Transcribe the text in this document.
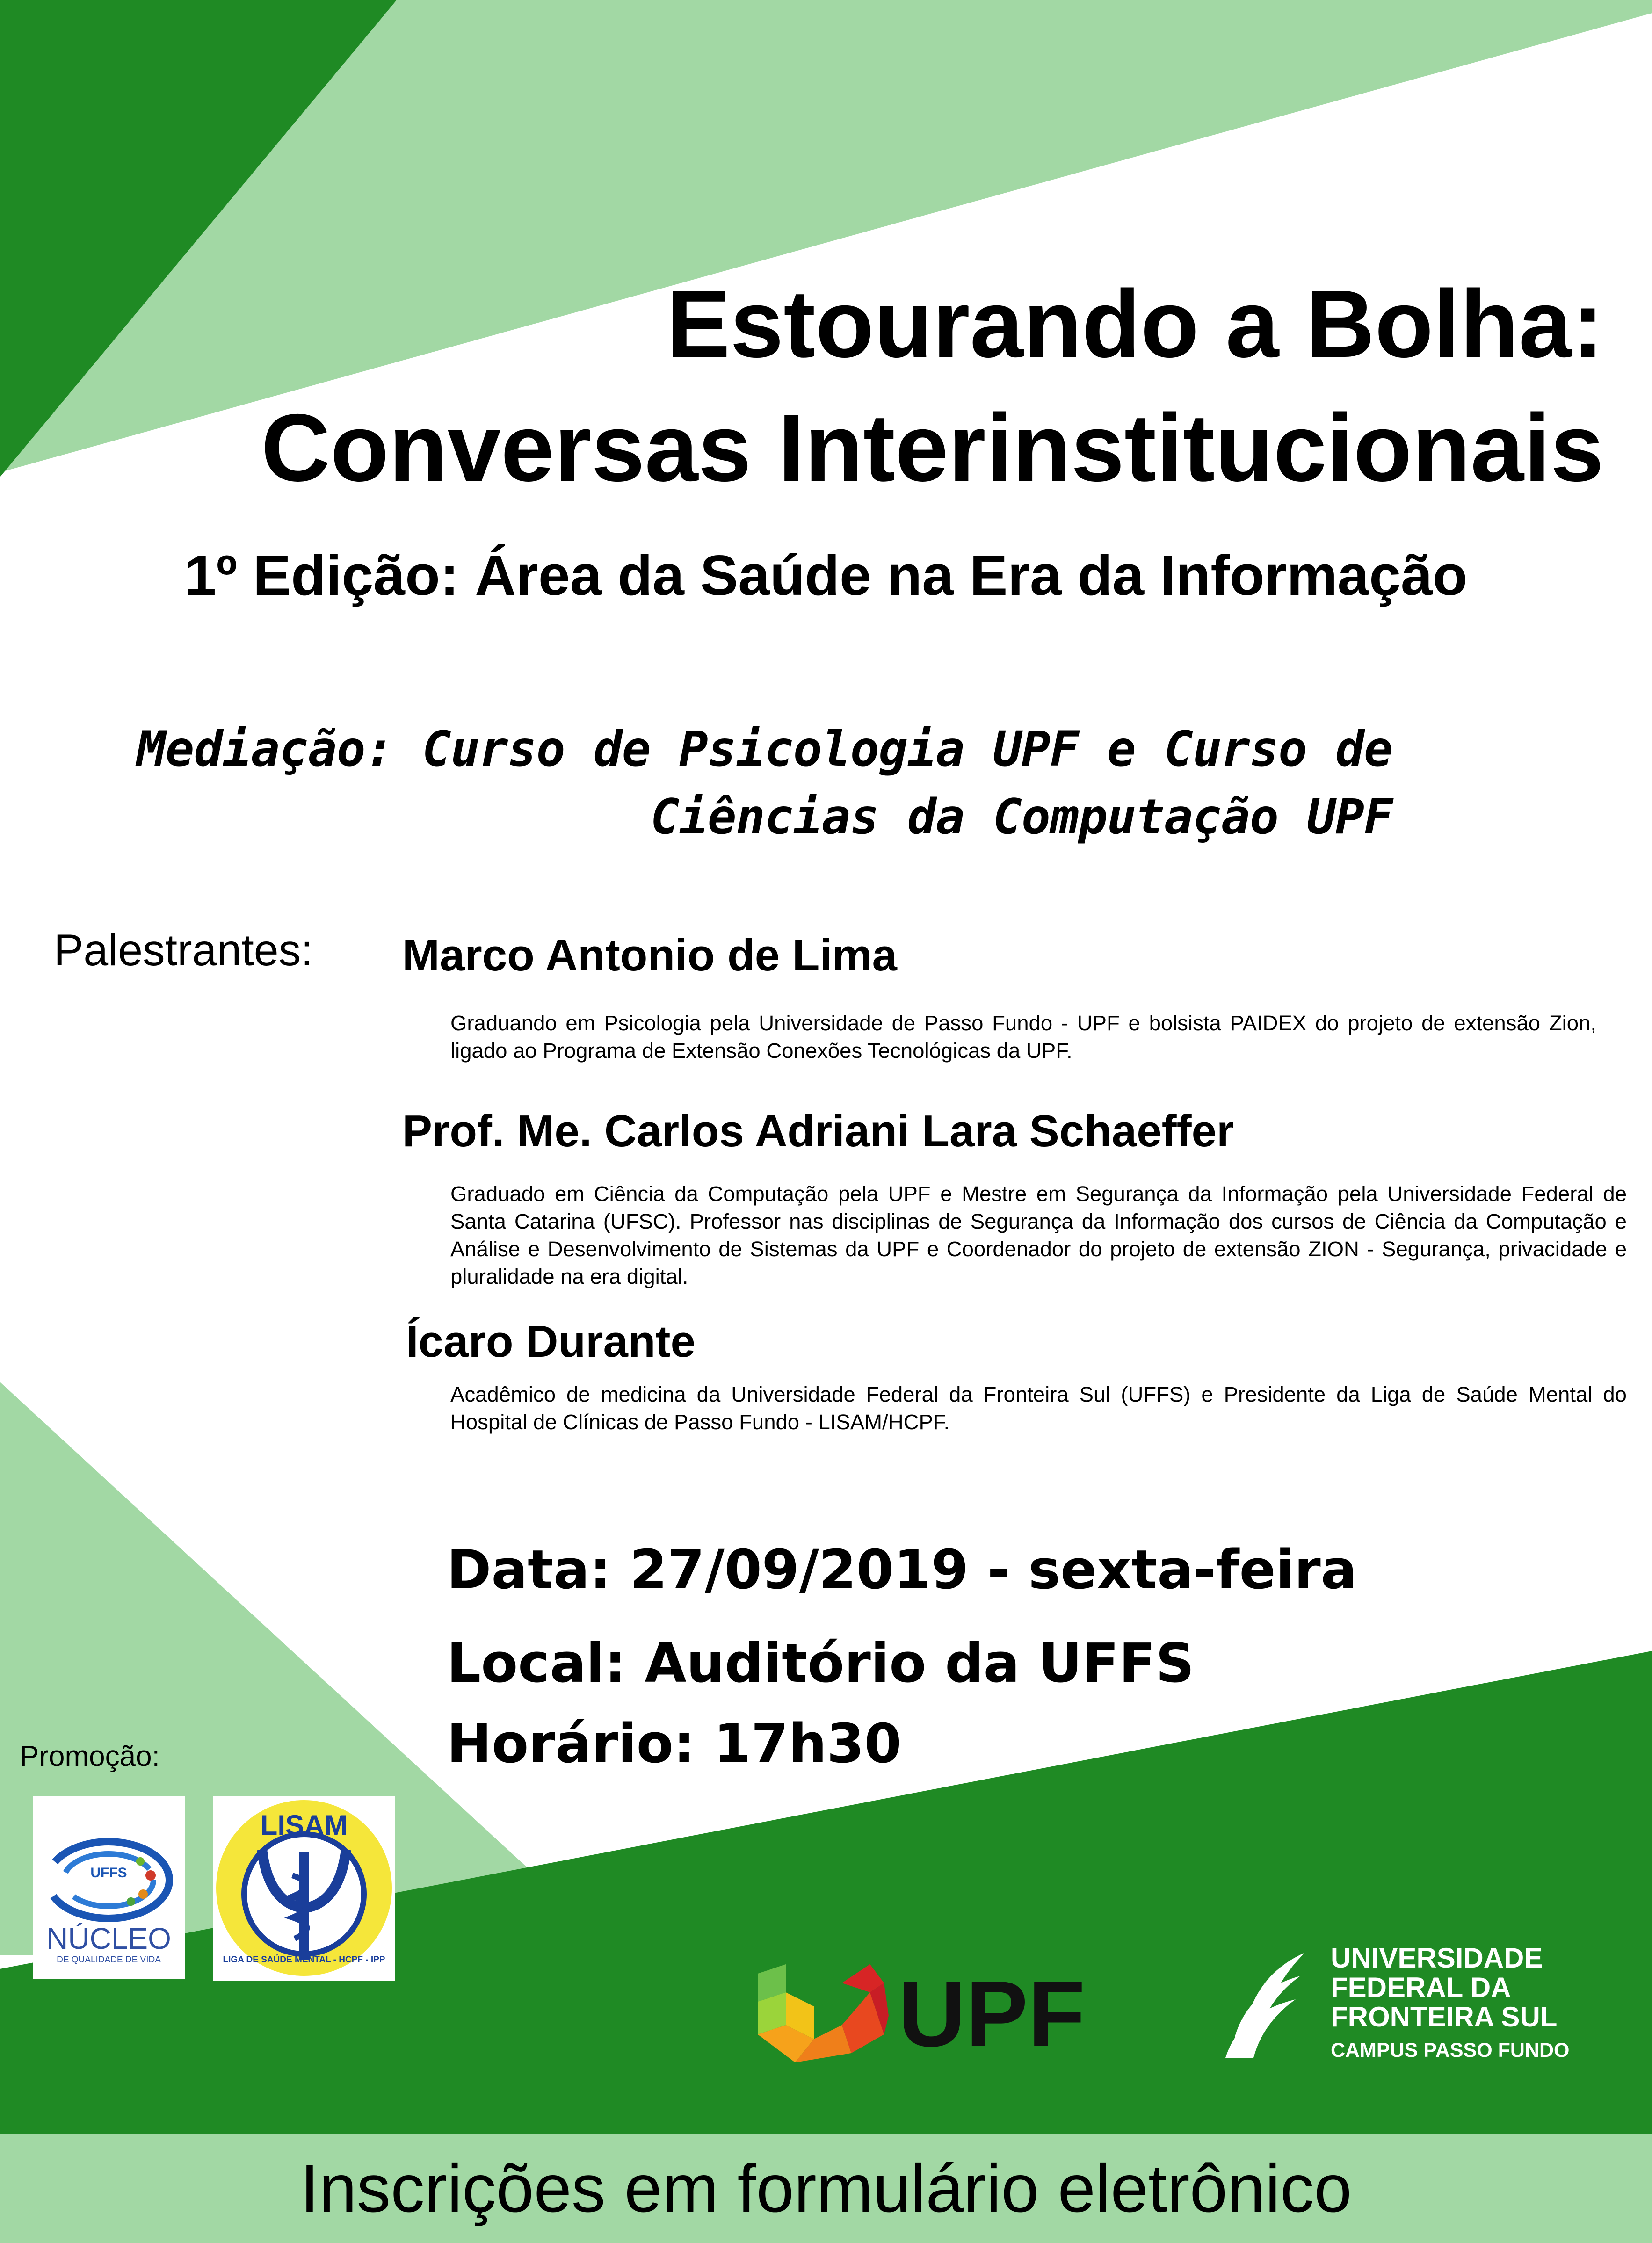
Estourando a Bolha:
Conversas Interinstitucionais
1º Edição: Área da Saúde na Era da Informação
Mediação: Curso de Psicologia UPF e Curso de
Ciências da Computação UPF
Palestrantes: Marco Antonio de Lima
Graduando em Psicologia pela Universidade de Passo Fundo - UPF e bolsista PAIDEX do projeto de extensão Zion, ligado ao Programa de Extensão Conexões Tecnológicas da UPF.
Prof. Me. Carlos Adriani Lara Schaeffer
Graduado em Ciência da Computação pela UPF e Mestre em Segurança da Informação pela Universidade Federal de Santa Catarina (UFSC). Professor nas disciplinas de Segurança da Informação dos cursos de Ciência da Computação e Análise e Desenvolvimento de Sistemas da UPF e Coordenador do projeto de extensão ZION - Segurança, privacidade e pluralidade na era digital.
Ícaro Durante
Acadêmico de medicina da Universidade Federal da Fronteira Sul (UFFS) e Presidente da Liga de Saúde Mental do Hospital de Clínicas de Passo Fundo - LISAM/HCPF.
Data: 27/09/2019 - sexta-feira
Local: Auditório da UFFS
Horário: 17h30
Promoção:
UFFS
NÚCLEO
DE QUALIDADE DE VIDA
LISAM
LIGA DE SAÚDE MENTAL - HCPF - IPP
UPF
UNIVERSIDADE
FEDERAL DA
FRONTEIRA SUL
CAMPUS PASSO FUNDO
Inscrições em formulário eletrônico
